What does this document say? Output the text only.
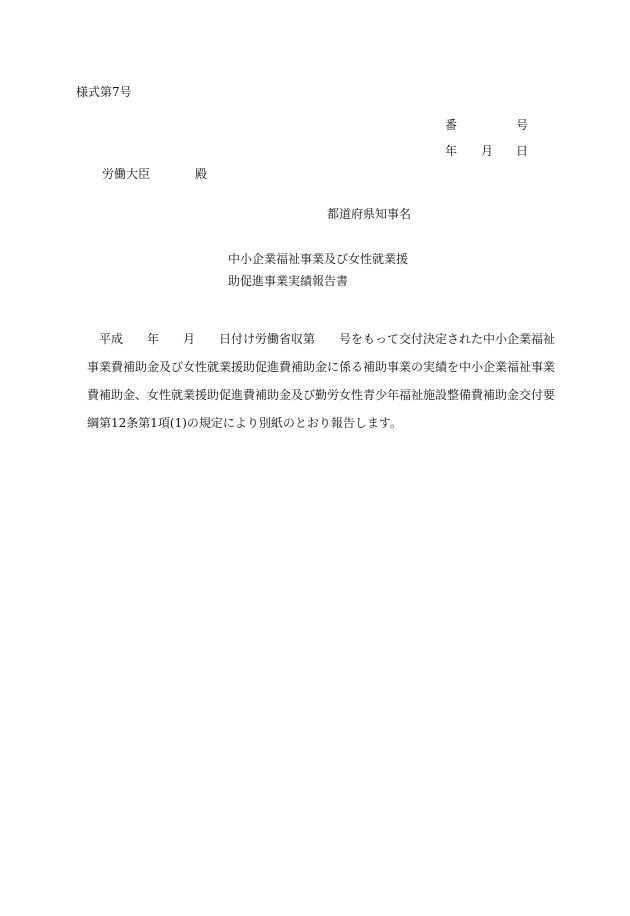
様式第7号
番	号
年 月 日
労働大臣	殿
都道府県知事名
中小企業福祉事業及び女性就業援
助促進事業実績報告書
　平成　　年　　月　　日付け労働省収第　　号をもって交付決定された中小企業福祉
事業費補助金及び女性就業援助促進費補助金に係る補助事業の実績を中小企業福祉事業
費補助金、女性就業援助促進費補助金及び勤労女性青少年福祉施設整備費補助金交付要
綱第12条第1項(1)の規定により別紙のとおり報告します。
